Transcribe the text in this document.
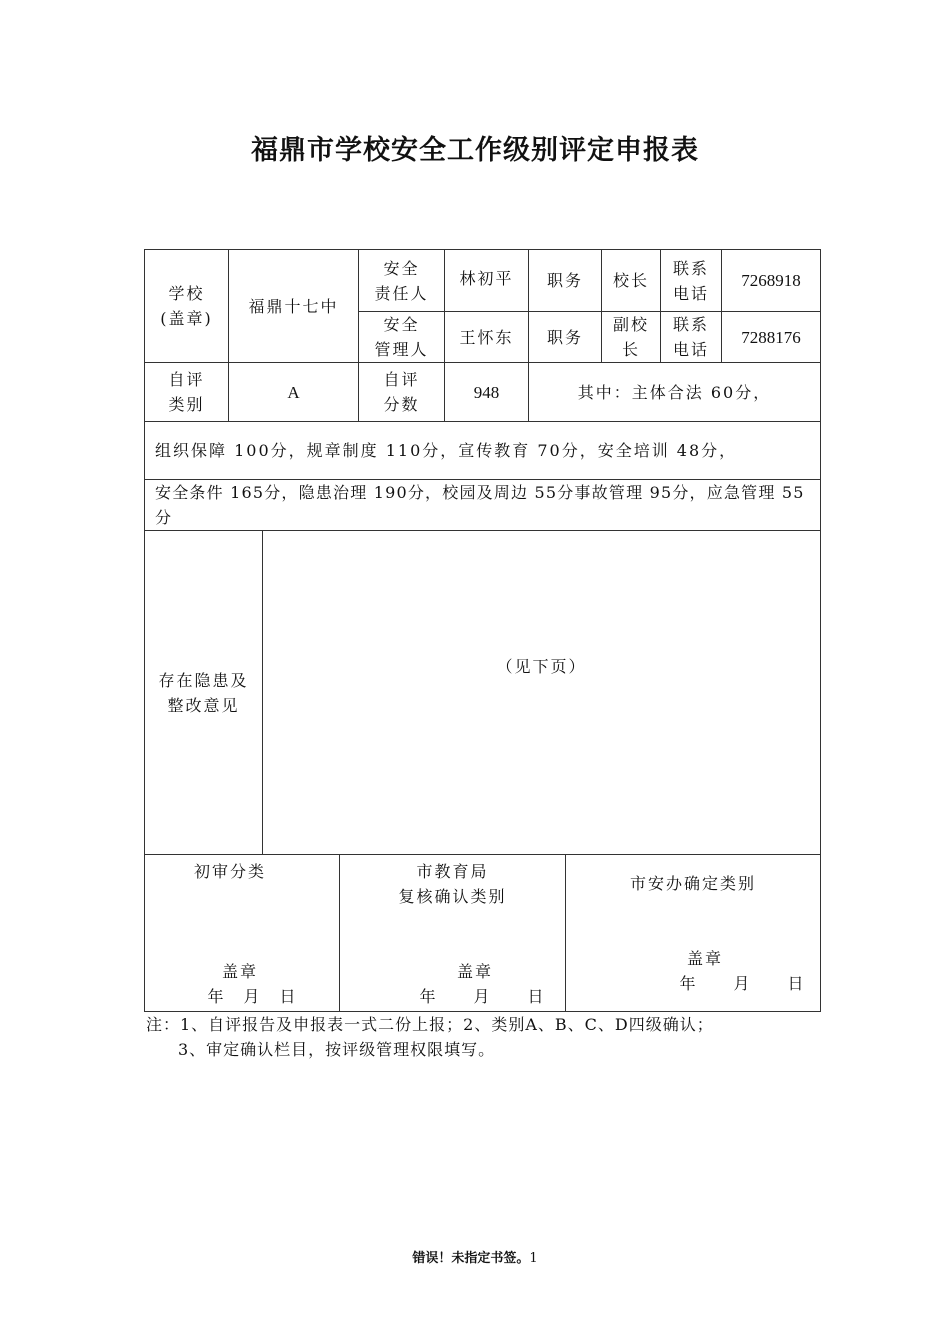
福鼎市学校安全工作级别评定申报表
学校
(盖章)
福鼎十七中
安全
责任人
林初平 职务 校长
联系
电话
7268918
安全
管理人
王怀东 职务
副校
长
联系
电话
7288176
自评
类别
A
自评
分数
948	其中：主体合法 60分，
组织保障 100分，规章制度 110分，宣传教育 70分，安全培训 48分，
安全条件 165分，隐患治理 190分，校园及周边 55分事故管理 95分，应急管理 55分
存在隐患及
整改意见
（见下页）
初审分类
盖章
年　月　日
市教育局
复核确认类别
盖章
年　　月　　日
市安办确定类别
盖章
年　　月　　日
注：1、自评报告及申报表一式二份上报；2、类别A、B、C、D四级确认；
3、审定确认栏目，按评级管理权限填写。
错误！未指定书签。1
